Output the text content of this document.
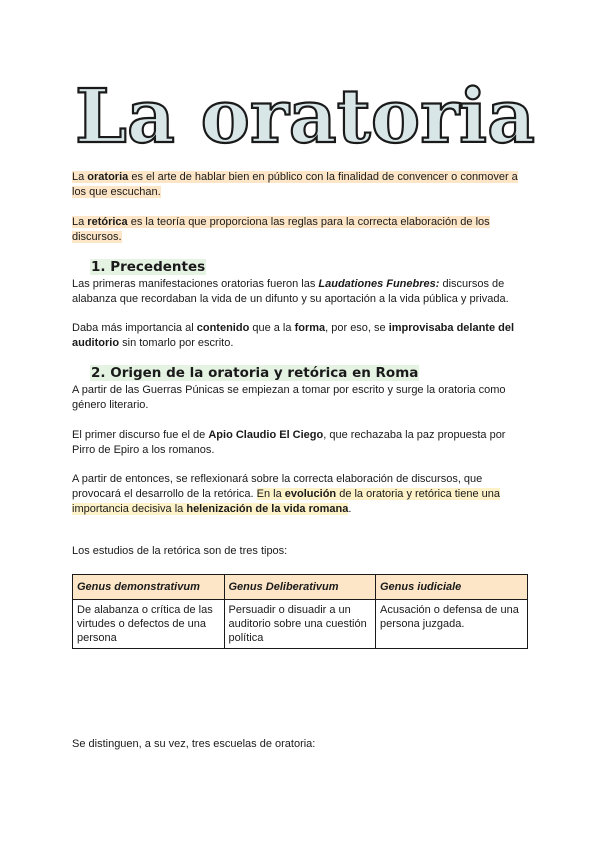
La oratoria

La oratoria es el arte de hablar bien en público con la finalidad de convencer o conmover a los que escuchan.

La retórica es la teoría que proporciona las reglas para la correcta elaboración de los discursos.

1. Precedentes

Las primeras manifestaciones oratorias fueron las Laudationes Funebres: discursos de alabanza que recordaban la vida de un difunto y su aportación a la vida pública y privada.

Daba más importancia al contenido que a la forma, por eso, se improvisaba delante del auditorio sin tomarlo por escrito.

2. Origen de la oratoria y retórica en Roma

A partir de las Guerras Púnicas se empiezan a tomar por escrito y surge la oratoria como género literario.

El primer discurso fue el de Apio Claudio El Ciego, que rechazaba la paz propuesta por Pirro de Epiro a los romanos.

A partir de entonces, se reflexionará sobre la correcta elaboración de discursos, que provocará el desarrollo de la retórica. En la evolución de la oratoria y retórica tiene una importancia decisiva la helenización de la vida romana.

Los estudios de la retórica son de tres tipos:

Genus demonstrativum	Genus Deliberativum	Genus iudiciale
De alabanza o crítica de las virtudes o defectos de una persona	Persuadir o disuadir a un auditorio sobre una cuestión política	Acusación o defensa de una persona juzgada.

Se distinguen, a su vez, tres escuelas de oratoria:
